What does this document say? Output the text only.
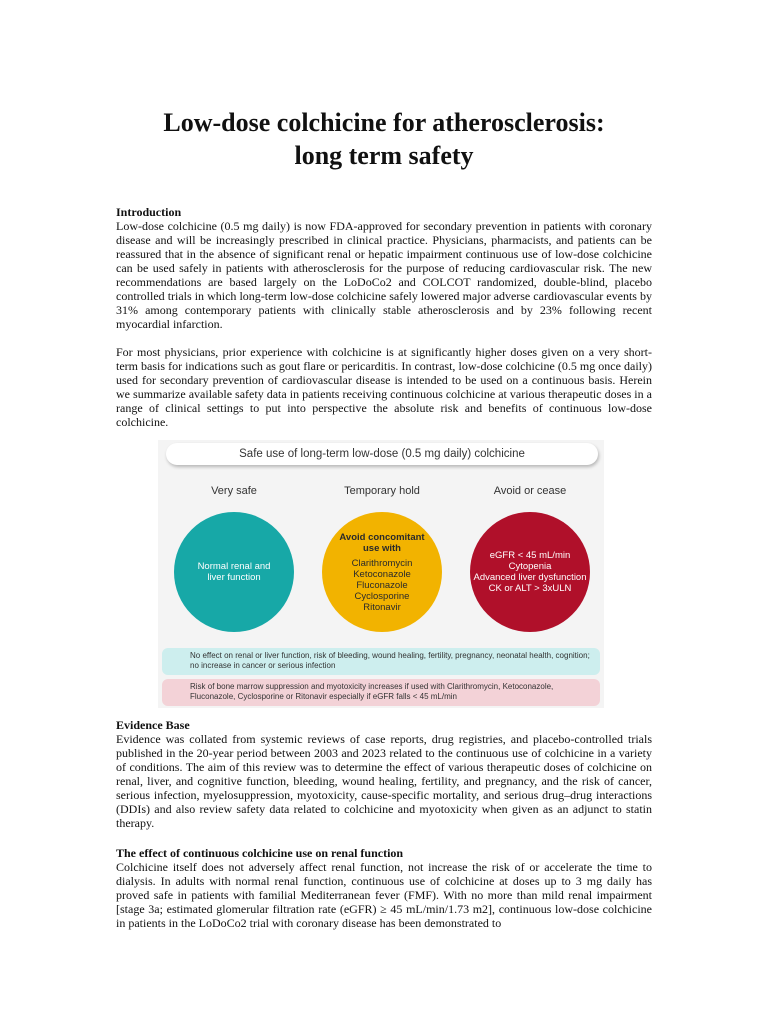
Low-dose colchicine for atherosclerosis:
long term safety

Introduction

Low-dose colchicine (0.5 mg daily) is now FDA-approved for secondary prevention in patients with coronary disease and will be increasingly prescribed in clinical practice. Physicians, pharmacists, and patients can be reassured that in the absence of significant renal or hepatic impairment continuous use of low-dose colchicine can be used safely in patients with atherosclerosis for the purpose of reducing cardiovascular risk. The new recommendations are based largely on the LoDoCo2 and COLCOT randomized, double-blind, placebo controlled trials in which long-term low-dose colchicine safely lowered major adverse cardiovascular events by 31% among contemporary patients with clinically stable atherosclerosis and by 23% following recent myocardial infarction.

For most physicians, prior experience with colchicine is at significantly higher doses given on a very short-term basis for indications such as gout flare or pericarditis. In contrast, low-dose colchicine (0.5 mg once daily) used for secondary prevention of cardiovascular disease is intended to be used on a continuous basis. Herein we summarize available safety data in patients receiving continuous colchicine at various therapeutic doses in a range of clinical settings to put into perspective the absolute risk and benefits of continuous low-dose colchicine.

Safe use of long-term low-dose (0.5 mg daily) colchicine
Very safe	Temporary hold	Avoid or cease
Normal renal and
liver function
Avoid concomitant
use with
Clarithromycin
Ketoconazole
Fluconazole
Cyclosporine
Ritonavir
eGFR < 45 mL/min
Cytopenia
Advanced liver dysfunction
CK or ALT > 3xULN
No effect on renal or liver function, risk of bleeding, wound healing, fertility, pregnancy, neonatal health, cognition; no increase in cancer or serious infection
Risk of bone marrow suppression and myotoxicity increases if used with Clarithromycin, Ketoconazole, Fluconazole, Cyclosporine or Ritonavir especially if eGFR falls < 45 mL/min

Evidence Base

Evidence was collated from systemic reviews of case reports, drug registries, and placebo-controlled trials published in the 20-year period between 2003 and 2023 related to the continuous use of colchicine in a variety of conditions. The aim of this review was to determine the effect of various therapeutic doses of colchicine on renal, liver, and cognitive function, bleeding, wound healing, fertility, and pregnancy, and the risk of cancer, serious infection, myelosuppression, myotoxicity, cause-specific mortality, and serious drug–drug interactions (DDIs) and also review safety data related to colchicine and myotoxicity when given as an adjunct to statin therapy.

The effect of continuous colchicine use on renal function

Colchicine itself does not adversely affect renal function, not increase the risk of or accelerate the time to dialysis. In adults with normal renal function, continuous use of colchicine at doses up to 3 mg daily has proved safe in patients with familial Mediterranean fever (FMF). With no more than mild renal impairment [stage 3a; estimated glomerular filtration rate (eGFR) ≥ 45 mL/min/1.73 m2], continuous low-dose colchicine in patients in the LoDoCo2 trial with coronary disease has been demonstrated to
